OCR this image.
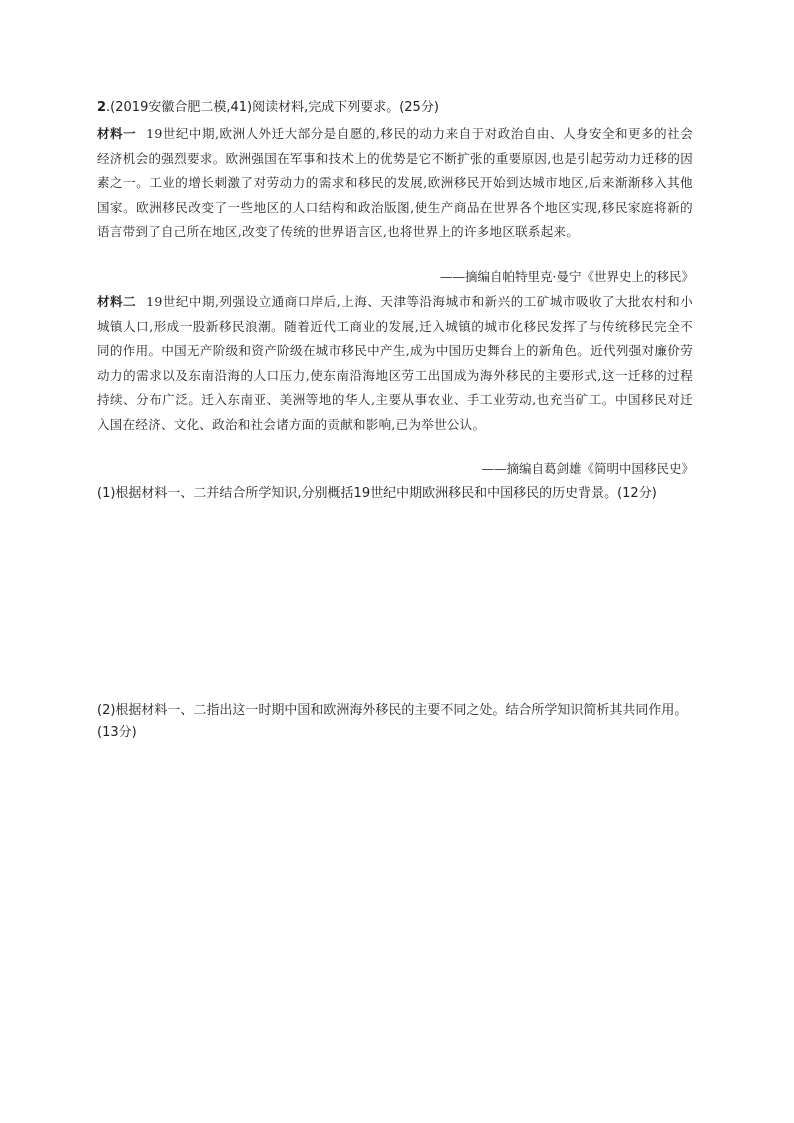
2.(2019安徽合肥二模,41)阅读材料,完成下列要求。(25分)
材料一 19世纪中期,欧洲人外迁大部分是自愿的,移民的动力来自于对政治自由、人身安全和更多的社会经济机会的强烈要求。欧洲强国在军事和技术上的优势是它不断扩张的重要原因,也是引起劳动力迁移的因素之一。工业的增长刺激了对劳动力的需求和移民的发展,欧洲移民开始到达城市地区,后来渐渐移入其他国家。欧洲移民改变了一些地区的人口结构和政治版图,使生产商品在世界各个地区实现,移民家庭将新的语言带到了自己所在地区,改变了传统的世界语言区,也将世界上的许多地区联系起来。
——摘编自帕特里克·曼宁《世界史上的移民》
材料二 19世纪中期,列强设立通商口岸后,上海、天津等沿海城市和新兴的工矿城市吸收了大批农村和小城镇人口,形成一股新移民浪潮。随着近代工商业的发展,迁入城镇的城市化移民发挥了与传统移民完全不同的作用。中国无产阶级和资产阶级在城市移民中产生,成为中国历史舞台上的新角色。近代列强对廉价劳动力的需求以及东南沿海的人口压力,使东南沿海地区劳工出国成为海外移民的主要形式,这一迁移的过程持续、分布广泛。迁入东南亚、美洲等地的华人,主要从事农业、手工业劳动,也充当矿工。中国移民对迁入国在经济、文化、政治和社会诸方面的贡献和影响,已为举世公认。
——摘编自葛剑雄《简明中国移民史》
(1)根据材料一、二并结合所学知识,分别概括19世纪中期欧洲移民和中国移民的历史背景。(12分)
(2)根据材料一、二指出这一时期中国和欧洲海外移民的主要不同之处。结合所学知识简析其共同作用。(13分)
